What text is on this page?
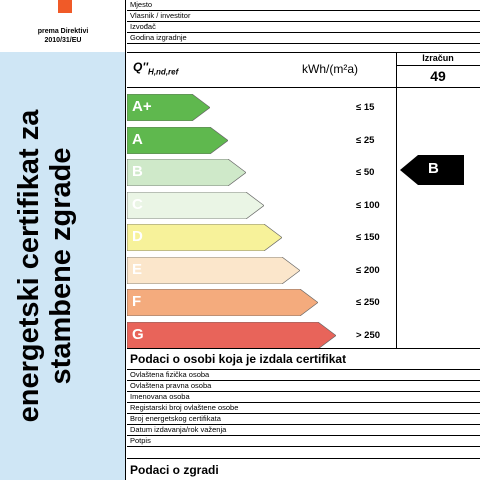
prema Direktivi
2010/31/EU
energetski certifikat za stambene zgrade
Mjesto
Vlasnik / investitor
Izvođač
Godina izgradnje
$Q''_{H,nd,ref}$	kWh/(m²a)
Izračun
49
A+	≤ 15
A	≤ 25
B	≤ 50
C	≤ 100
D	≤ 150
E	≤ 200
F	≤ 250
G	> 250
B
Podaci o osobi koja je izdala certifikat
Ovlaštena fizička osoba
Ovlaštena pravna osoba
Imenovana osoba
Registarski broj ovlaštene osobe
Broj energetskog certifikata
Datum izdavanja/rok važenja
Potpis
Podaci o zgradi
